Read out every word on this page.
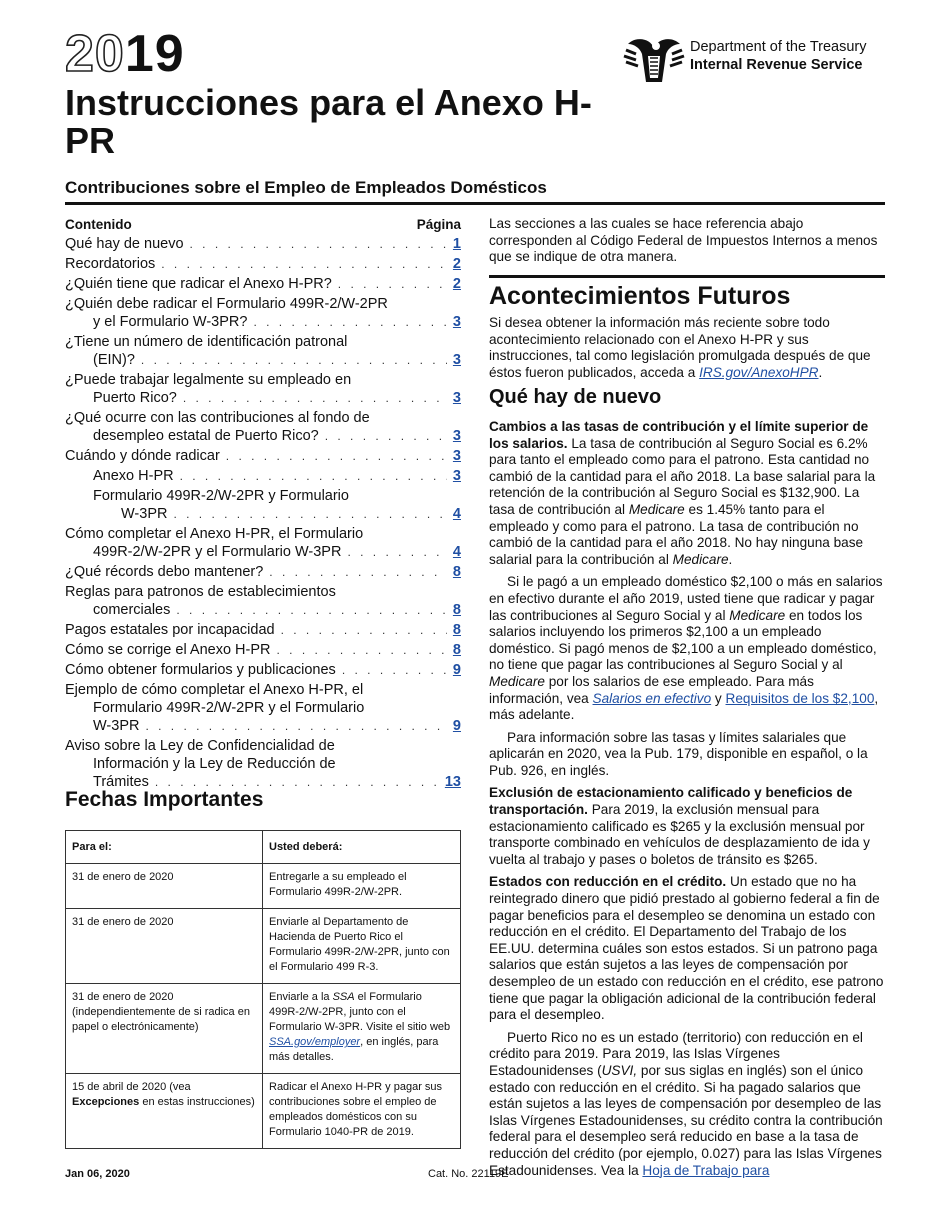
2019
Instrucciones para el Anexo H-PR
Department of the Treasury
Internal Revenue Service
Contribuciones sobre el Empleo de Empleados Domésticos
Contenido	Página
Qué hay de nuevo . . .	1
Recordatorios . . .	2
¿Quién tiene que radicar el Anexo H-PR? . . .	2
¿Quién debe radicar el Formulario 499R-2/W-2PR
y el Formulario W-3PR? . . .	3
¿Tiene un número de identificación patronal
(EIN)? . . .	3
¿Puede trabajar legalmente su empleado en
Puerto Rico? . . .	3
¿Qué ocurre con las contribuciones al fondo de
desempleo estatal de Puerto Rico? . . .	3
Cuándo y dónde radicar . . .	3
Anexo H-PR . . .	3
Formulario 499R-2/W-2PR y Formulario
W-3PR . . .	4
Cómo completar el Anexo H-PR, el Formulario
499R-2/W-2PR y el Formulario W-3PR . . .	4
¿Qué récords debo mantener? . . .	8
Reglas para patronos de establecimientos
comerciales . . .	8
Pagos estatales por incapacidad . . .	8
Cómo se corrige el Anexo H-PR . . .	8
Cómo obtener formularios y publicaciones . . .	9
Ejemplo de cómo completar el Anexo H-PR, el
Formulario 499R-2/W-2PR y el Formulario
W-3PR . . .	9
Aviso sobre la Ley de Confidencialidad de
Información y la Ley de Reducción de
Trámites . . .	13
Fechas Importantes
Para el:	Usted deberá:
31 de enero de 2020	Entregarle a su empleado el Formulario 499R-2/W-2PR.
31 de enero de 2020	Enviarle al Departamento de Hacienda de Puerto Rico el Formulario 499R-2/W-2PR, junto con el Formulario 499 R-3.
31 de enero de 2020 (independientemente de si radica en papel o electrónicamente)	Enviarle a la SSA el Formulario 499R-2/W-2PR, junto con el Formulario W-3PR. Visite el sitio web SSA.gov/employer, en inglés, para más detalles.
15 de abril de 2020 (vea Excepciones en estas instrucciones)	Radicar el Anexo H-PR y pagar sus contribuciones sobre el empleo de empleados domésticos con su Formulario 1040-PR de 2019.

Las secciones a las cuales se hace referencia abajo corresponden al Código Federal de Impuestos Internos a menos que se indique de otra manera.

Acontecimientos Futuros

Si desea obtener la información más reciente sobre todo acontecimiento relacionado con el Anexo H-PR y sus instrucciones, tal como legislación promulgada después de que éstos fueron publicados, acceda a IRS.gov/AnexoHPR.

Qué hay de nuevo

Cambios a las tasas de contribución y el límite superior de los salarios. La tasa de contribución al Seguro Social es 6.2% para tanto el empleado como para el patrono. Esta cantidad no cambió de la cantidad para el año 2018. La base salarial para la retención de la contribución al Seguro Social es $132,900. La tasa de contribución al Medicare es 1.45% tanto para el empleado y como para el patrono. La tasa de contribución no cambió de la cantidad para el año 2018. No hay ninguna base salarial para la contribución al Medicare.

Si le pagó a un empleado doméstico $2,100 o más en salarios en efectivo durante el año 2019, usted tiene que radicar y pagar las contribuciones al Seguro Social y al Medicare en todos los salarios incluyendo los primeros $2,100 a un empleado doméstico. Si pagó menos de $2,100 a un empleado doméstico, no tiene que pagar las contribuciones al Seguro Social y al Medicare por los salarios de ese empleado. Para más información, vea Salarios en efectivo y Requisitos de los $2,100, más adelante.

Para información sobre las tasas y límites salariales que aplicarán en 2020, vea la Pub. 179, disponible en español, o la Pub. 926, en inglés.

Exclusión de estacionamiento calificado y beneficios de transportación. Para 2019, la exclusión mensual para estacionamiento calificado es $265 y la exclusión mensual por transporte combinado en vehículos de desplazamiento de ida y vuelta al trabajo y pases o boletos de tránsito es $265.

Estados con reducción en el crédito. Un estado que no ha reintegrado dinero que pidió prestado al gobierno federal a fin de pagar beneficios para el desempleo se denomina un estado con reducción en el crédito. El Departamento del Trabajo de los EE.UU. determina cuáles son estos estados. Si un patrono paga salarios que están sujetos a las leyes de compensación por desempleo de un estado con reducción en el crédito, ese patrono tiene que pagar la obligación adicional de la contribución federal para el desempleo.

Puerto Rico no es un estado (territorio) con reducción en el crédito para 2019. Para 2019, las Islas Vírgenes Estadounidenses (USVI, por sus siglas en inglés) son el único estado con reducción en el crédito. Si ha pagado salarios que están sujetos a las leyes de compensación por desempleo de las Islas Vírgenes Estadounidenses, su crédito contra la contribución federal para el desempleo será reducido en base a la tasa de reducción del crédito (por ejemplo, 0.027) para las Islas Vírgenes Estadounidenses. Vea la Hoja de Trabajo para

Jan 06, 2020	Cat. No. 22119E
